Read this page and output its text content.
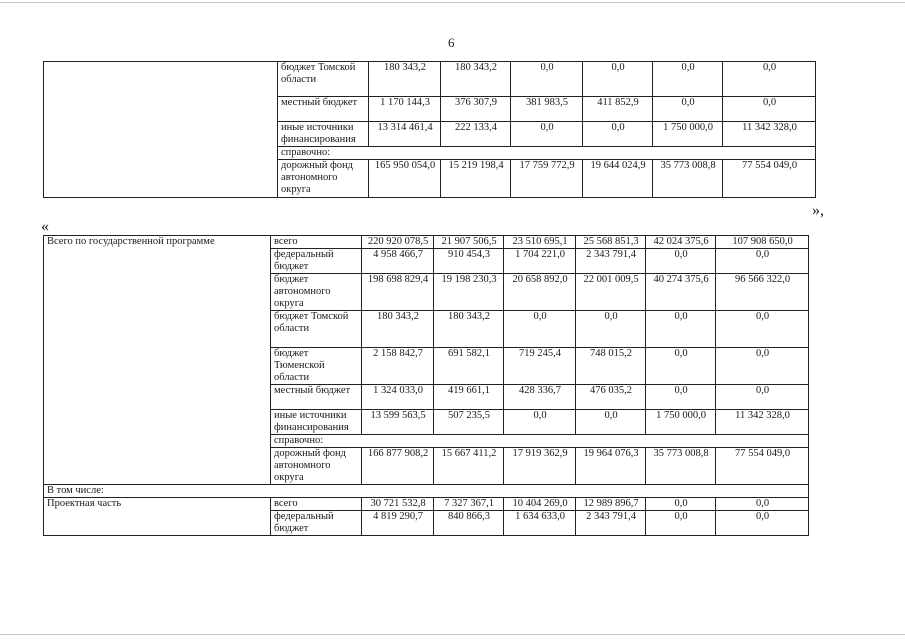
6
	бюджет Томской области	180 343,2	180 343,2	0,0	0,0	0,0	0,0
	местный бюджет	1 170 144,3	376 307,9	381 983,5	411 852,9	0,0	0,0
	иные источники финансирования	13 314 461,4	222 133,4	0,0	0,0	1 750 000,0	11 342 328,0
	справочно:						
	дорожный фонд автономного округа	165 950 054,0	15 219 198,4	17 759 772,9	19 644 024,9	35 773 008,8	77 554 049,0
»,
«
Всего по государственной программе	всего	220 920 078,5	21 907 506,5	23 510 695,1	25 568 851,3	42 024 375,6	107 908 650,0
	федеральный бюджет	4 958 466,7	910 454,3	1 704 221,0	2 343 791,4	0,0	0,0
	бюджет автономного округа	198 698 829,4	19 198 230,3	20 658 892,0	22 001 009,5	40 274 375,6	96 566 322,0
	бюджет Томской области	180 343,2	180 343,2	0,0	0,0	0,0	0,0
	бюджет Тюменской области	2 158 842,7	691 582,1	719 245,4	748 015,2	0,0	0,0
	местный бюджет	1 324 033,0	419 661,1	428 336,7	476 035,2	0,0	0,0
	иные источники финансирования	13 599 563,5	507 235,5	0,0	0,0	1 750 000,0	11 342 328,0
	справочно:						
	дорожный фонд автономного округа	166 877 908,2	15 667 411,2	17 919 362,9	19 964 076,3	35 773 008,8	77 554 049,0
В том числе:							
Проектная часть	всего	30 721 532,8	7 327 367,1	10 404 269,0	12 989 896,7	0,0	0,0
	федеральный бюджет	4 819 290,7	840 866,3	1 634 633,0	2 343 791,4	0,0	0,0
